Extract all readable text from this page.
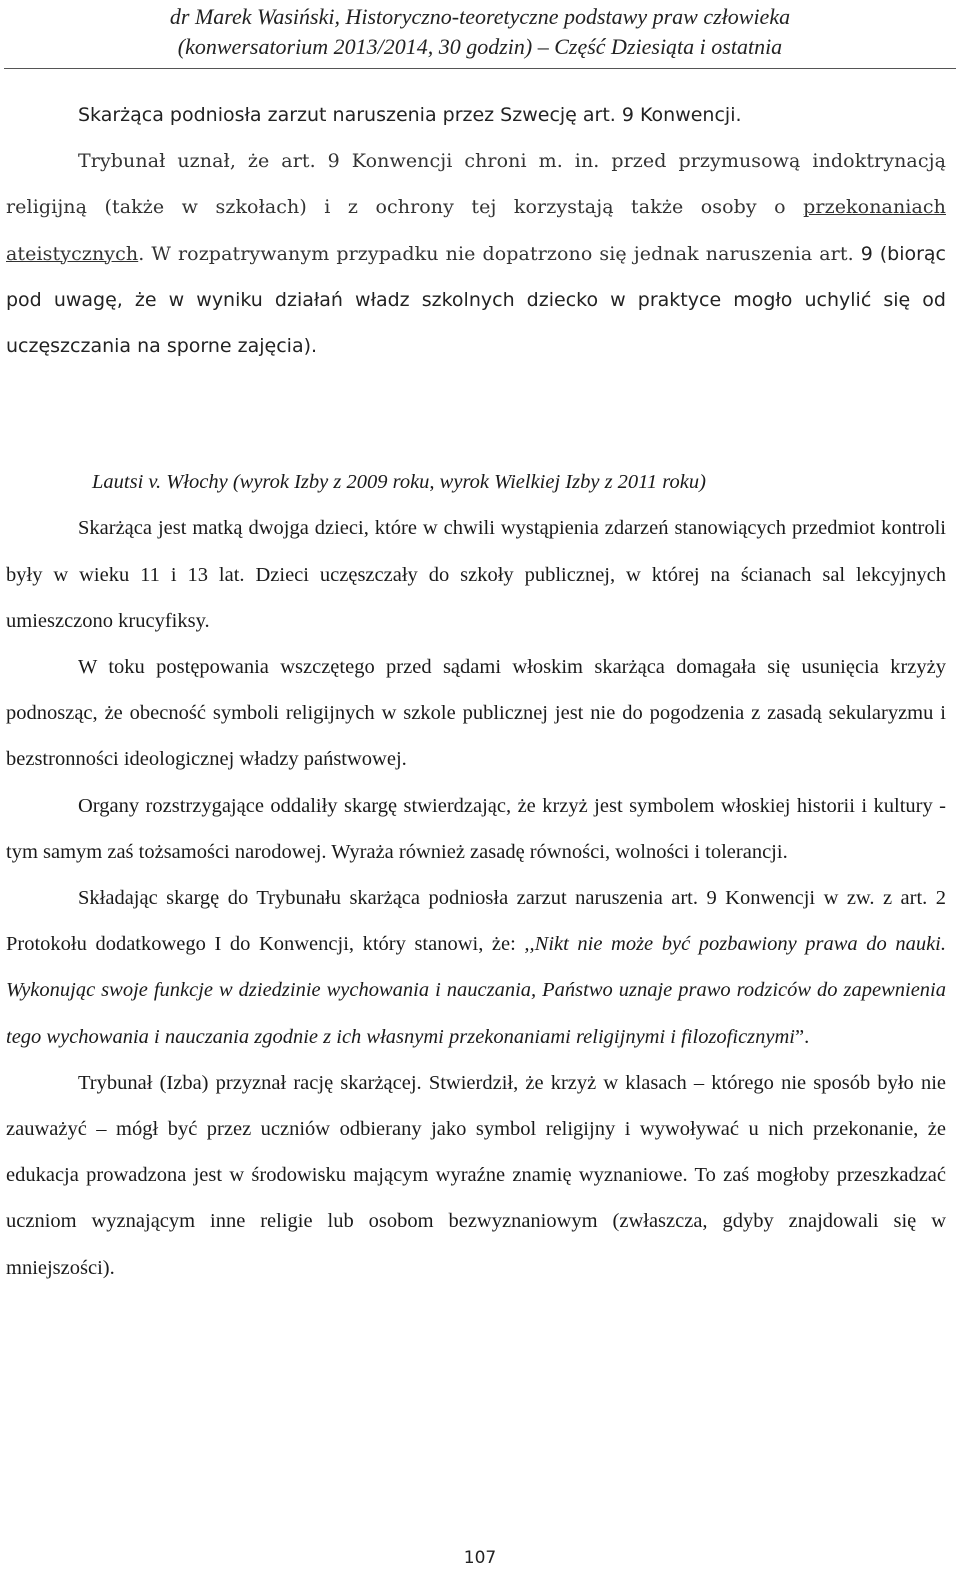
dr Marek Wasiński, Historyczno-teoretyczne podstawy praw człowieka
(konwersatorium 2013/2014, 30 godzin) – Część Dziesiąta i ostatnia

Skarżąca podniosła zarzut naruszenia przez Szwecję art. 9 Konwencji.

Trybunał uznał, że art. 9 Konwencji chroni m. in. przed przymusową indoktrynacją religijną (także w szkołach) i z ochrony tej korzystają także osoby o przekonaniach ateistycznych. W rozpatrywanym przypadku nie dopatrzono się jednak naruszenia art. 9 (biorąc pod uwagę, że w wyniku działań władz szkolnych dziecko w praktyce mogło uchylić się od uczęszczania na sporne zajęcia).

Lautsi v. Włochy (wyrok Izby z 2009 roku, wyrok Wielkiej Izby z 2011 roku)

Skarżąca jest matką dwojga dzieci, które w chwili wystąpienia zdarzeń stanowiących przedmiot kontroli były w wieku 11 i 13 lat. Dzieci uczęszczały do szkoły publicznej, w której na ścianach sal lekcyjnych umieszczono krucyfiksy.

W toku postępowania wszczętego przed sądami włoskim skarżąca domagała się usunięcia krzyży podnosząc, że obecność symboli religijnych w szkole publicznej jest nie do pogodzenia z zasadą sekularyzmu i bezstronności ideologicznej władzy państwowej.

Organy rozstrzygające oddaliły skargę stwierdzając, że krzyż jest symbolem włoskiej historii i kultury - tym samym zaś tożsamości narodowej. Wyraża również zasadę równości, wolności i tolerancji.

Składając skargę do Trybunału skarżąca podniosła zarzut naruszenia art. 9 Konwencji w zw. z art. 2 Protokołu dodatkowego I do Konwencji, który stanowi, że: ,,Nikt nie może być pozbawiony prawa do nauki. Wykonując swoje funkcje w dziedzinie wychowania i nauczania, Państwo uznaje prawo rodziców do zapewnienia tego wychowania i nauczania zgodnie z ich własnymi przekonaniami religijnymi i filozoficznymi”.

Trybunał (Izba) przyznał rację skarżącej. Stwierdził, że krzyż w klasach – którego nie sposób było nie zauważyć – mógł być przez uczniów odbierany jako symbol religijny i wywoływać u nich przekonanie, że edukacja prowadzona jest w środowisku mającym wyraźne znamię wyznaniowe. To zaś mogłoby przeszkadzać uczniom wyznającym inne religie lub osobom bezwyznaniowym (zwłaszcza, gdyby znajdowali się w mniejszości).

107
